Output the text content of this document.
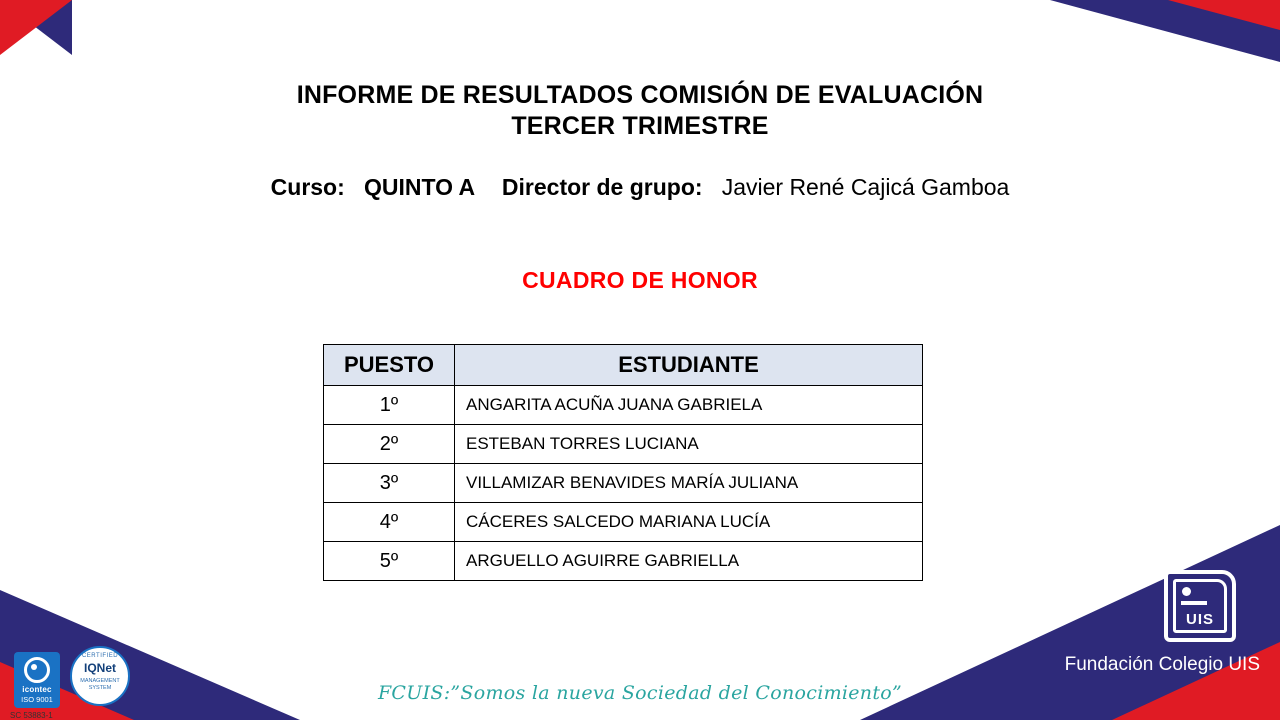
INFORME DE RESULTADOS COMISIÓN DE EVALUACIÓN
TERCER TRIMESTRE
Curso: QUINTO A Director de grupo: Javier René Cajicá Gamboa
CUADRO DE HONOR
PUESTO	ESTUDIANTE
1º	ANGARITA ACUÑA JUANA GABRIELA
2º	ESTEBAN TORRES LUCIANA
3º	VILLAMIZAR BENAVIDES MARÍA JULIANA
4º	CÁCERES SALCEDO MARIANA LUCÍA
5º	ARGUELLO AGUIRRE GABRIELLA
icontec
ISO 9001
SC 53883-1
CERTIFIED
IQNet
MANAGEMENT SYSTEM	FCUIS:”Somos la nueva Sociedad del Conocimiento”
UIS
Fundación Colegio UIS
